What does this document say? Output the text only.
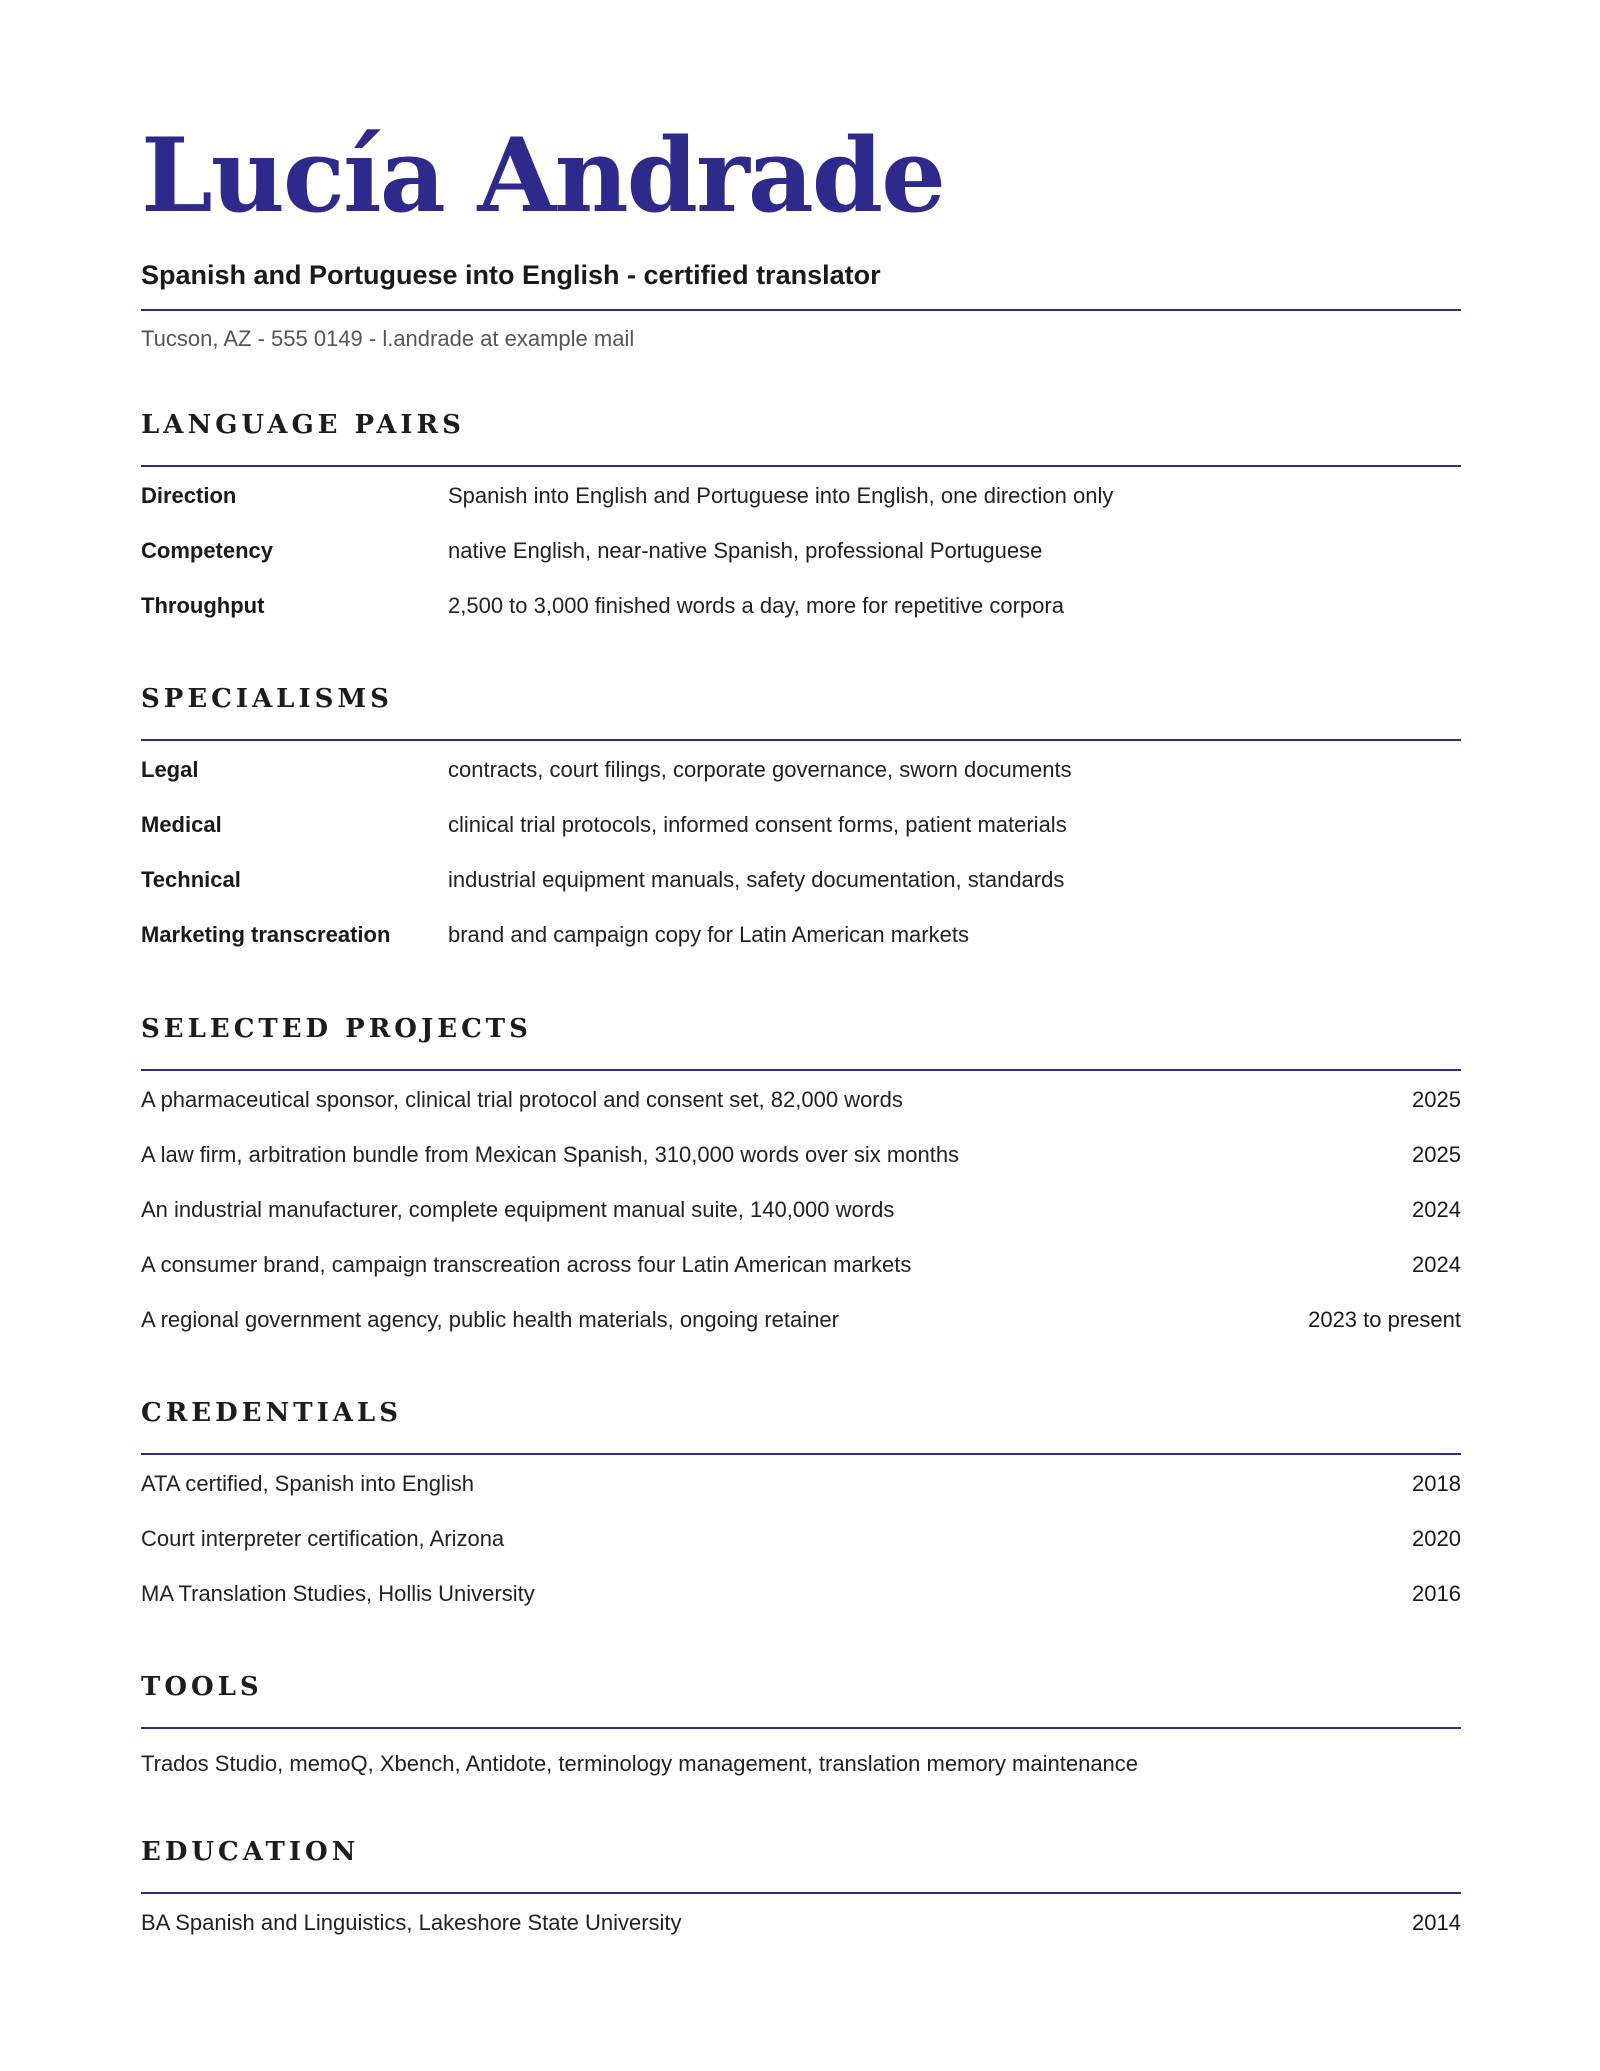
Lucía Andrade
Spanish and Portuguese into English - certified translator
Tucson, AZ - 555 0149 - l.andrade at example mail
LANGUAGE PAIRS
Direction	Spanish into English and Portuguese into English, one direction only
Competency	native English, near-native Spanish, professional Portuguese
Throughput	2,500 to 3,000 finished words a day, more for repetitive corpora
SPECIALISMS
Legal	contracts, court filings, corporate governance, sworn documents
Medical	clinical trial protocols, informed consent forms, patient materials
Technical	industrial equipment manuals, safety documentation, standards
Marketing transcreation	brand and campaign copy for Latin American markets
SELECTED PROJECTS
A pharmaceutical sponsor, clinical trial protocol and consent set, 82,000 words	2025
A law firm, arbitration bundle from Mexican Spanish, 310,000 words over six months	2025
An industrial manufacturer, complete equipment manual suite, 140,000 words	2024
A consumer brand, campaign transcreation across four Latin American markets	2024
A regional government agency, public health materials, ongoing retainer	2023 to present
CREDENTIALS
ATA certified, Spanish into English	2018
Court interpreter certification, Arizona	2020
MA Translation Studies, Hollis University	2016
TOOLS
Trados Studio, memoQ, Xbench, Antidote, terminology management, translation memory maintenance
EDUCATION
BA Spanish and Linguistics, Lakeshore State University	2014
